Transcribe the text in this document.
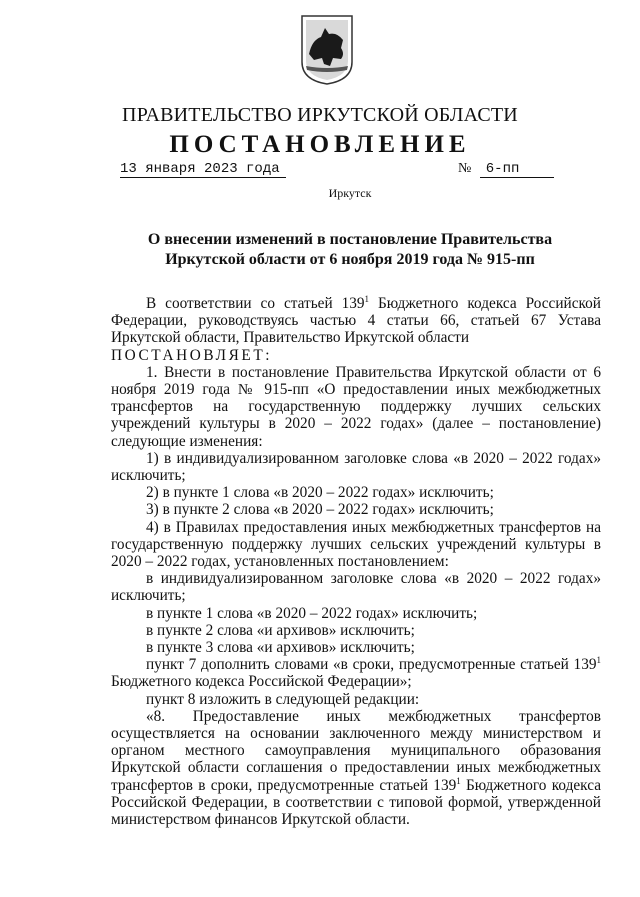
ПРАВИТЕЛЬСТВО ИРКУТСКОЙ ОБЛАСТИ
ПОСТАНОВЛЕНИЕ
13 января 2023 года	№ 6-пп
Иркутск
О внесении изменений в постановление Правительства Иркутской области от 6 ноября 2019 года № 915-пп

В соответствии со статьей $139^1$ Бюджетного кодекса Российской Федерации, руководствуясь частью 4 статьи 66, статьей 67 Устава Иркутской области, Правительство Иркутской области

ПОСТАНОВЛЯЕТ:

1. Внести в постановление Правительства Иркутской области от 6 ноября 2019 года № 915-пп «О предоставлении иных межбюджетных трансфертов на государственную поддержку лучших сельских учреждений культуры в 2020 – 2022 годах» (далее – постановление) следующие изменения:

1) в индивидуализированном заголовке слова «в 2020 – 2022 годах» исключить;

2) в пункте 1 слова «в 2020 – 2022 годах» исключить;

3) в пункте 2 слова «в 2020 – 2022 годах» исключить;

4) в Правилах предоставления иных межбюджетных трансфертов на государственную поддержку лучших сельских учреждений культуры в 2020 – 2022 годах, установленных постановлением:

в индивидуализированном заголовке слова «в 2020 – 2022 годах» исключить;

в пункте 1 слова «в 2020 – 2022 годах» исключить;

в пункте 2 слова «и архивов» исключить;

в пункте 3 слова «и архивов» исключить;

пункт 7 дополнить словами «в сроки, предусмотренные статьей $139^1$ Бюджетного кодекса Российской Федерации»;

пункт 8 изложить в следующей редакции:

«8. Предоставление иных межбюджетных трансфертов осуществляется на основании заключенного между министерством и органом местного самоуправления муниципального образования Иркутской области соглашения о предоставлении иных межбюджетных трансфертов в сроки, предусмотренные статьей $139^1$ Бюджетного кодекса Российской Федерации, в соответствии с типовой формой, утвержденной министерством финансов Иркутской области.
